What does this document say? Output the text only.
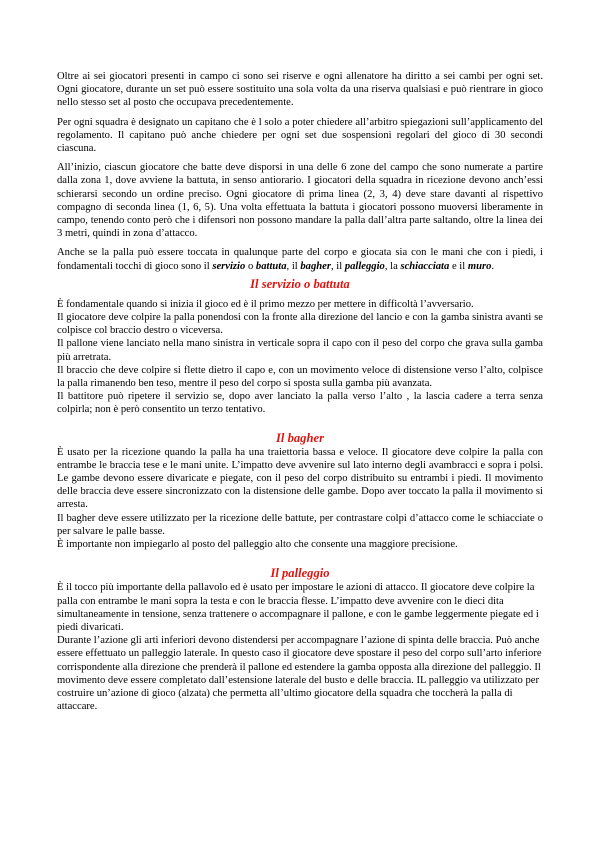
Oltre ai sei giocatori presenti in campo ci sono sei riserve e ogni allenatore ha diritto a sei cambi per ogni set. Ogni giocatore, durante un set può essere sostituito una sola volta da una riserva qualsiasi e può rientrare in gioco nello stesso set al posto che occupava precedentemente.

Per ogni squadra è designato un capitano che è l solo a poter chiedere all’arbitro spiegazioni sull’applicamento del regolamento. Il capitano può anche chiedere per ogni set due sospensioni regolari del gioco di 30 secondi ciascuna.

All’inizio, ciascun giocatore che batte deve disporsi in una delle 6 zone del campo che sono numerate a partire dalla zona 1, dove avviene la battuta, in senso antiorario. I giocatori della squadra in ricezione devono anch’essi schierarsi secondo un ordine preciso. Ogni giocatore di prima linea (2, 3, 4) deve stare davanti al rispettivo compagno di seconda linea (1, 6, 5). Una volta effettuata la battuta i giocatori possono muoversi liberamente in campo, tenendo conto però che i difensori non possono mandare la palla dall’altra parte saltando, oltre la linea dei 3 metri, quindi in zona d’attacco.

Anche se la palla può essere toccata in qualunque parte del corpo e giocata sia con le mani che con i piedi, i fondamentali tocchi di gioco sono il servizio o battuta, il bagher, il palleggio, la schiacciata e il muro.

Il servizio o battuta

È fondamentale quando si inizia il gioco ed è il primo mezzo per mettere in difficoltà l’avversario.

Il giocatore deve colpire la palla ponendosi con la fronte alla direzione del lancio e con la gamba sinistra avanti se colpisce col braccio destro o viceversa.

Il pallone viene lanciato nella mano sinistra in verticale sopra il capo con il peso del corpo che grava sulla gamba più arretrata.

Il braccio che deve colpire si flette dietro il capo e, con un movimento veloce di distensione verso l’alto, colpisce la palla rimanendo ben teso, mentre il peso del corpo si sposta sulla gamba più avanzata.

Il battitore può ripetere il servizio se, dopo aver lanciato la palla verso l’alto , la lascia cadere a terra senza colpirla; non è però consentito un terzo tentativo.

Il bagher

È usato per la ricezione quando la palla ha una traiettoria bassa e veloce. Il giocatore deve colpire la palla con entrambe le braccia tese e le mani unite. L’impatto deve avvenire sul lato interno degli avambracci e sopra i polsi. Le gambe devono essere divaricate e piegate, con il peso del corpo distribuito su entrambi i piedi. Il movimento delle braccia deve essere sincronizzato con la distensione delle gambe. Dopo aver toccato la palla il movimento si arresta.

Il bagher deve essere utilizzato per la ricezione delle battute, per contrastare colpi d’attacco come le schiacciate o per salvare le palle basse.

È importante non impiegarlo al posto del palleggio alto che consente una maggiore precisione.

Il palleggio

È il tocco più importante della pallavolo ed è usato per impostare le azioni di attacco. Il giocatore deve colpire la palla con entrambe le mani sopra la testa e con le braccia flesse. L’impatto deve avvenire con le dieci dita simultaneamente in tensione, senza trattenere o accompagnare il pallone, e con le gambe leggermente piegate ed i piedi divaricati.

Durante l’azione gli arti inferiori devono distendersi per accompagnare l’azione di spinta delle braccia. Può anche essere effettuato un palleggio laterale. In questo caso il giocatore deve spostare il peso del corpo sull’arto inferiore corrispondente alla direzione che prenderà il pallone ed estendere la gamba opposta alla direzione del palleggio. Il movimento deve essere completato dall’estensione laterale del busto e delle braccia. IL palleggio va utilizzato per costruire un’azione di gioco (alzata) che permetta all’ultimo giocatore della squadra che toccherà la palla di attaccare.
